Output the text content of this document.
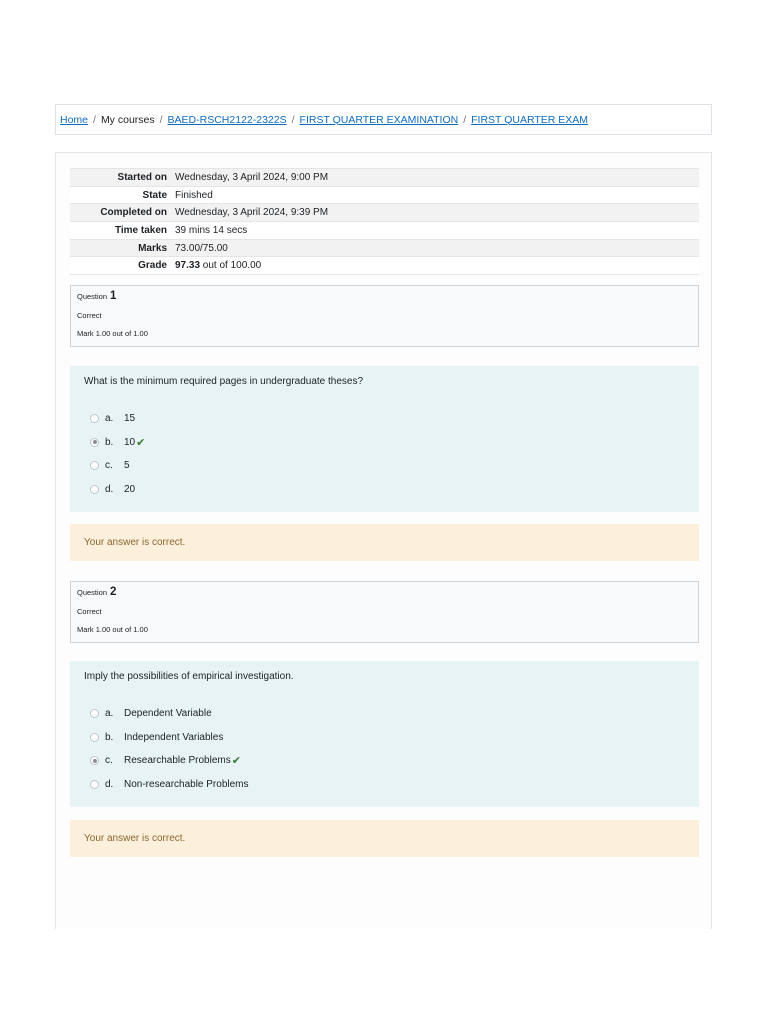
Home / My courses / BAED-RSCH2122-2322S / FIRST QUARTER EXAMINATION / FIRST QUARTER EXAM
Started on	Wednesday, 3 April 2024, 9:00 PM
State	Finished
Completed on	Wednesday, 3 April 2024, 9:39 PM
Time taken	39 mins 14 secs
Marks	73.00/75.00
Grade	97.33 out of 100.00
Question 1
Correct
Mark 1.00 out of 1.00
What is the minimum required pages in undergraduate theses?
a.	15
b.	10 ✔
c.	5
d.	20
Your answer is correct.
Question 2
Correct
Mark 1.00 out of 1.00
Imply the possibilities of empirical investigation.
a.	Dependent Variable
b.	Independent Variables
c.	Researchable Problems ✔
d.	Non-researchable Problems
Your answer is correct.
